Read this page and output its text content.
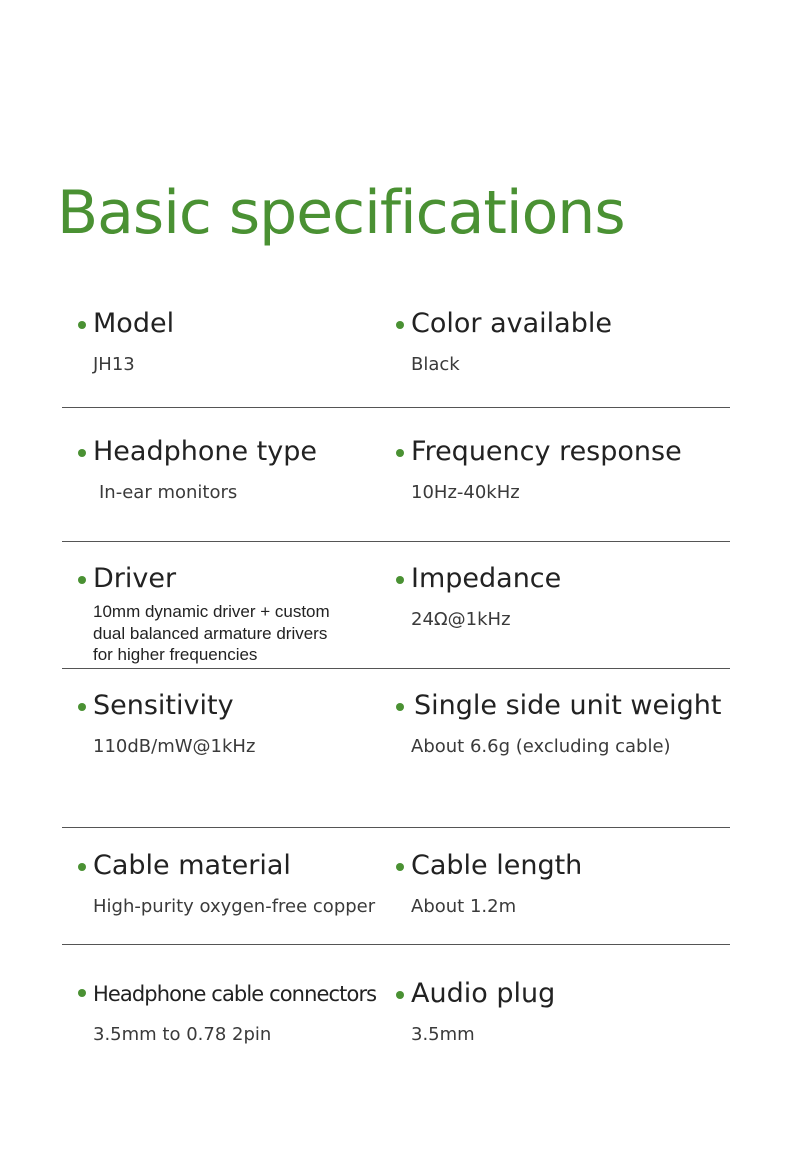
Basic specifications
Model
JH13
Color available
Black
Headphone type
In-ear monitors
Frequency response
10Hz-40kHz
Driver
10mm dynamic driver + custom
dual balanced armature drivers
for higher frequencies
Impedance
24Ω@1kHz
Sensitivity
110dB/mW@1kHz
Single side unit weight
About 6.6g (excluding cable)
Cable material
High-purity oxygen-free copper
Cable length
About 1.2m
Headphone cable connectors
3.5mm to 0.78 2pin
Audio plug
3.5mm
